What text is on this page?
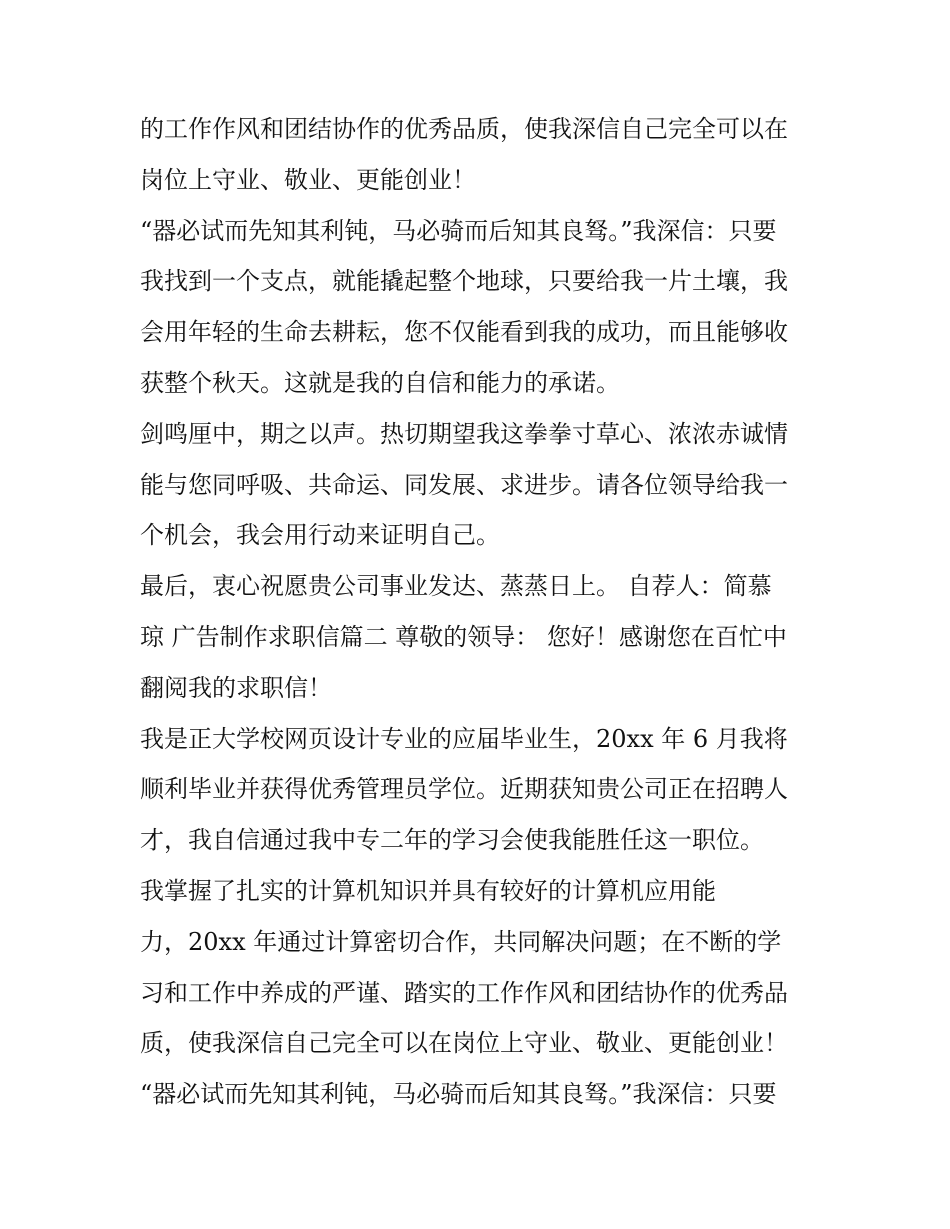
的工作作风和团结协作的优秀品质，使我深信自己完全可以在
岗位上守业、敬业、更能创业！
“器必试而先知其利钝，马必骑而后知其良驽。”我深信：只要
我找到一个支点，就能撬起整个地球，只要给我一片土壤，我
会用年轻的生命去耕耘，您不仅能看到我的成功，而且能够收
获整个秋天。这就是我的自信和能力的承诺。
剑鸣厘中，期之以声。热切期望我这拳拳寸草心、浓浓赤诚情
能与您同呼吸、共命运、同发展、求进步。请各位领导给我一
个机会，我会用行动来证明自己。
最后，衷心祝愿贵公司事业发达、蒸蒸日上。 自荐人：简慕
琼 广告制作求职信篇二 尊敬的领导： 您好！感谢您在百忙中
翻阅我的求职信！
我是正大学校网页设计专业的应届毕业生，20xx 年 6 月我将
顺利毕业并获得优秀管理员学位。近期获知贵公司正在招聘人
才，我自信通过我中专二年的学习会使我能胜任这一职位。
我掌握了扎实的计算机知识并具有较好的计算机应用能
力，20xx 年通过计算密切合作，共同解决问题；在不断的学
习和工作中养成的严谨、踏实的工作作风和团结协作的优秀品
质，使我深信自己完全可以在岗位上守业、敬业、更能创业！
“器必试而先知其利钝，马必骑而后知其良驽。”我深信：只要
